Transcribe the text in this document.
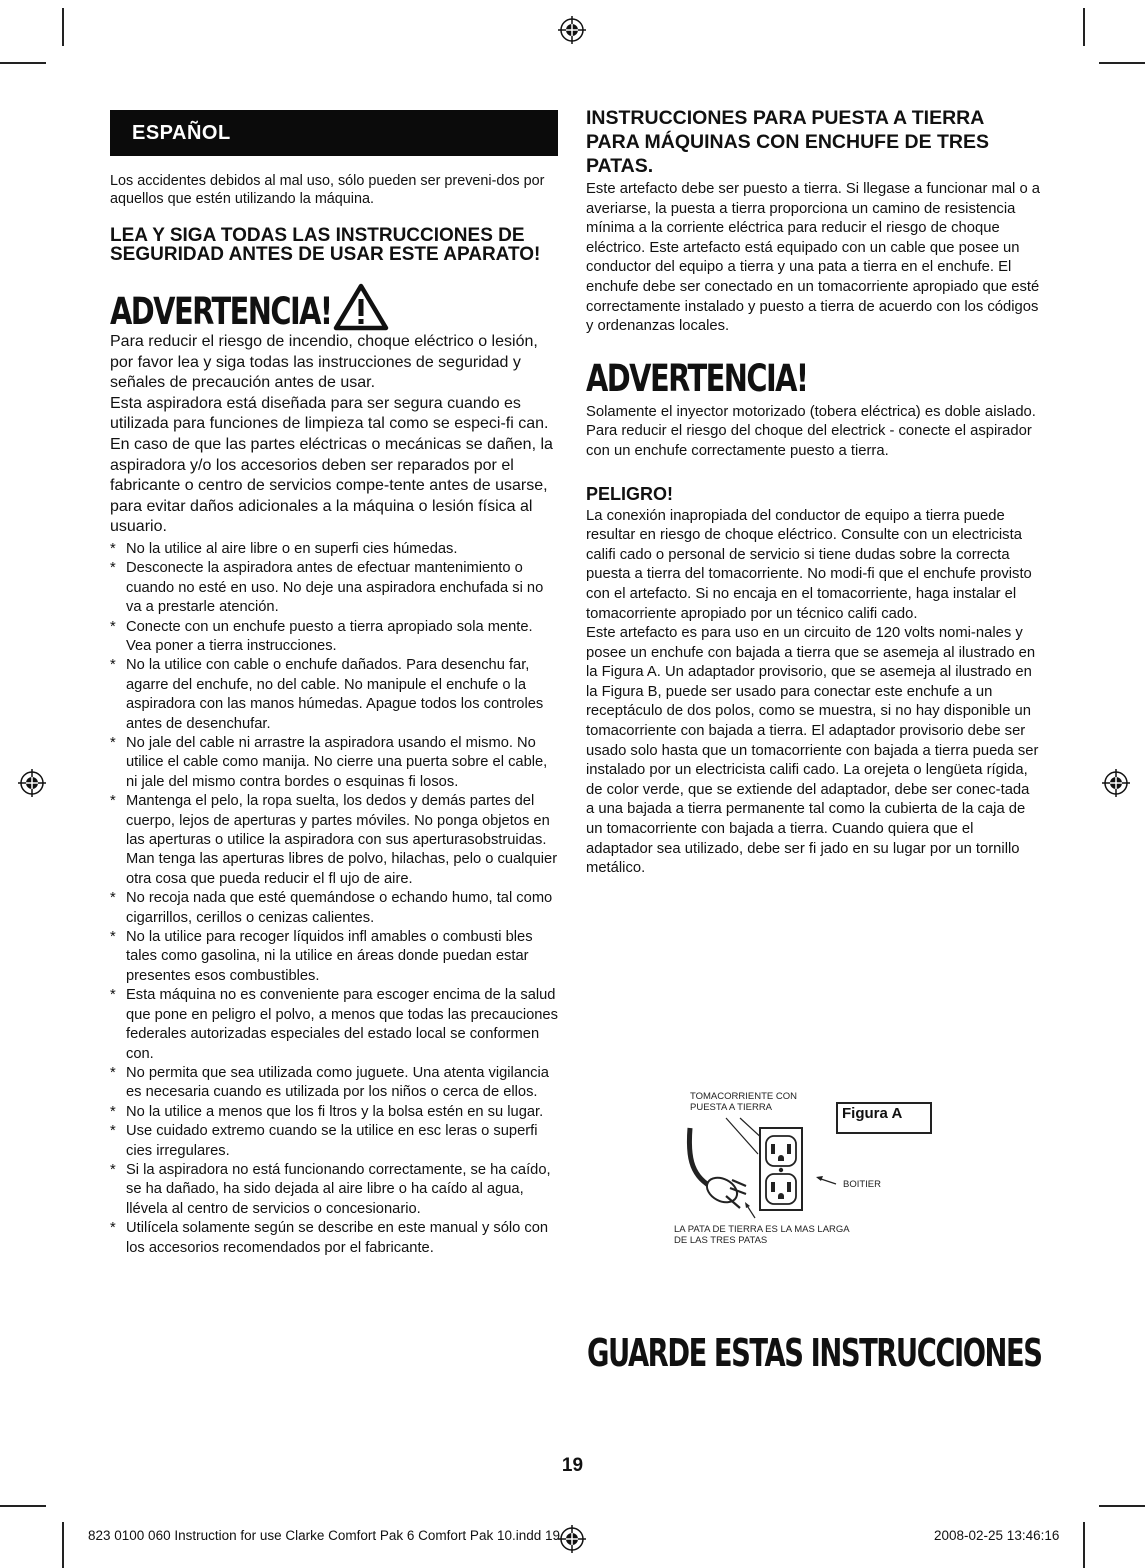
ESPAÑOL

Los accidentes debidos al mal uso, sólo pueden ser preveni-dos por aquellos que estén utilizando la máquina.

LEA Y SIGA TODAS LAS INSTRUCCIONES DE SEGURIDAD ANTES DE USAR ESTE APARATO!

ADVERTENCIA!

Para reducir el riesgo de incendio, choque eléctrico o lesión, por favor lea y siga todas las instrucciones de seguridad y señales de precaución antes de usar.

Esta aspiradora está diseñada para ser segura cuando es utilizada para funciones de limpieza tal como se especi-fi can. En caso de que las partes eléctricas o mecánicas se dañen, la aspiradora y/o los accesorios deben ser reparados por el fabricante o centro de servicios compe-tente antes de usarse, para evitar daños adicionales a la máquina o lesión física al usuario.

* No la utilice al aire libre o en superfi cies húmedas.
* Desconecte la aspiradora antes de efectuar mantenimiento o cuando no esté en uso. No deje una aspiradora enchufada si no va a prestarle atención.
* Conecte con un enchufe puesto a tierra apropiado sola mente. Vea poner a tierra instrucciones.
* No la utilice con cable o enchufe dañados. Para desenchu far, agarre del enchufe, no del cable. No manipule el enchufe o la aspiradora con las manos húmedas. Apague todos los controles antes de desenchufar.
* No jale del cable ni arrastre la aspiradora usando el mismo. No utilice el cable como manija. No cierre una puerta sobre el cable, ni jale del mismo contra bordes o esquinas fi losos.
* Mantenga el pelo, la ropa suelta, los dedos y demás partes del cuerpo, lejos de aperturas y partes móviles. No ponga objetos en las aperturas o utilice la aspiradora con sus aperturasobstruidas. Man tenga las aperturas libres de polvo, hilachas, pelo o cualquier otra cosa que pueda reducir el fl ujo de aire.
* No recoja nada que esté quemándose o echando humo, tal como cigarrillos, cerillos o cenizas calientes.
* No la utilice para recoger líquidos infl amables o combusti bles tales como gasolina, ni la utilice en áreas donde puedan estar presentes esos combustibles.
* Esta máquina no es conveniente para escoger encima de la salud que pone en peligro el polvo, a menos que todas las precauciones federales autorizadas especiales del estado local se conformen con.
* No permita que sea utilizada como juguete. Una atenta vigilancia es necesaria cuando es utilizada por los niños o cerca de ellos.
* No la utilice a menos que los fi ltros y la bolsa estén en su lugar.
* Use cuidado extremo cuando se la utilice en esc leras o superfi cies irregulares.
* Si la aspiradora no está funcionando correctamente, se ha caído, se ha dañado, ha sido dejada al aire libre o ha caído al agua, llévela al centro de servicios o concesionario.
* Utilícela solamente según se describe en este manual y sólo con los accesorios recomendados por el fabricante.

INSTRUCCIONES PARA PUESTA A TIERRA PARA MÁQUINAS CON ENCHUFE DE TRES PATAS.

Este artefacto debe ser puesto a tierra. Si llegase a funcionar mal o a averiarse, la puesta a tierra proporciona un camino de resistencia mínima a la corriente eléctrica para reducir el riesgo de choque eléctrico. Este artefacto está equipado con un cable que posee un conductor del equipo a tierra y una pata a tierra en el enchufe. El enchufe debe ser conectado en un tomacorriente apropiado que esté correctamente instalado y puesto a tierra de acuerdo con los códigos y ordenanzas locales.

ADVERTENCIA!

Solamente el inyector motorizado (tobera eléctrica) es doble aislado. Para reducir el riesgo del choque del electrick - conecte el aspirador con un enchufe correctamente puesto a tierra.

PELIGRO!

La conexión inapropiada del conductor de equipo a tierra puede resultar en riesgo de choque eléctrico. Consulte con un electricista califi cado o personal de servicio si tiene dudas sobre la correcta puesta a tierra del tomacorriente. No modi-fi que el enchufe provisto con el artefacto. Si no encaja en el tomacorriente, haga instalar el tomacorriente apropiado por un técnico califi cado.

Este artefacto es para uso en un circuito de 120 volts nomi-nales y posee un enchufe con bajada a tierra que se asemeja al ilustrado en la Figura A. Un adaptador provisorio, que se asemeja al ilustrado en la Figura B, puede ser usado para conectar este enchufe a un receptáculo de dos polos, como se muestra, si no hay disponible un tomacorriente con bajada a tierra. El adaptador provisorio debe ser usado solo hasta que un tomacorriente con bajada a tierra pueda ser instalado por un electricista califi cado. La orejeta o lengüeta rígida, de color verde, que se extiende del adaptador, debe ser conec-tada a una bajada a tierra permanente tal como la cubierta de la caja de un tomacorriente con bajada a tierra. Cuando quiera que el adaptador sea utilizado, debe ser fi jado en su lugar por un tornillo metálico.

TOMACORRIENTE CON PUESTA A TIERRA	Figura A
BOITIER
LA PATA DE TIERRA ES LA MAS LARGA DE LAS TRES PATAS
GUARDE ESTAS INSTRUCCIONES
19
823 0100 060 Instruction for use Clarke Comfort Pak 6 Comfort Pak 10.indd 19	2008-02-25 13:46:16
